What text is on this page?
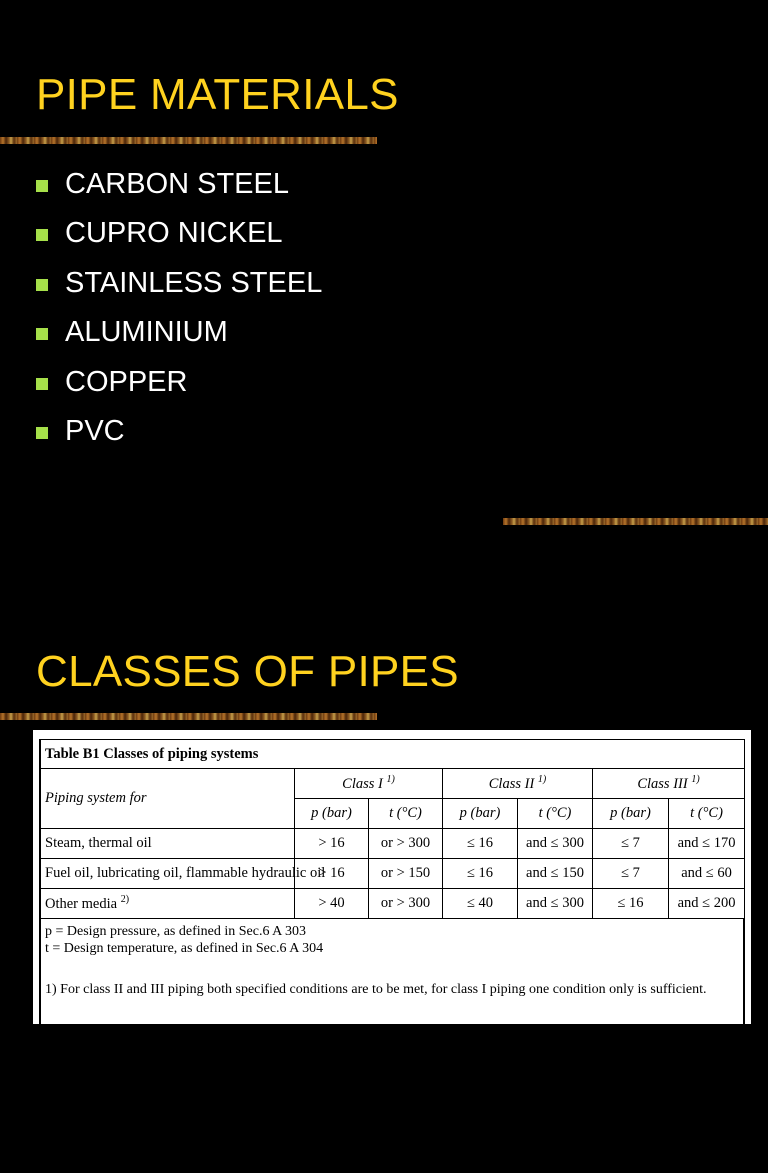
PIPE MATERIALS
CARBON STEEL
CUPRO NICKEL
STAINLESS STEEL
ALUMINIUM
COPPER
PVC
CLASSES OF PIPES
Table B1 Classes of piping systems						
Piping system for	Class I $^{1)}$		Class II $^{1)}$		Class III $^{1)}$
	p (bar)	t (°C)	p (bar)	t (°C)	p (bar)	t (°C)
Steam, thermal oil	> 16	or > 300	≤ 16	and ≤ 300	≤ 7	and ≤ 170
Fuel oil, lubricating oil, flammable hydraulic oil	> 16	or > 150	≤ 16	and ≤ 150	≤ 7	and ≤ 60
Other media $^{2)}$	> 40	or > 300	≤ 40	and ≤ 300	≤ 16	and ≤ 200

p = Design pressure, as defined in Sec.6 A 303

t = Design temperature, as defined in Sec.6 A 304

1) For class II and III piping both specified conditions are to be met, for class I piping one condition only is sufficient.
